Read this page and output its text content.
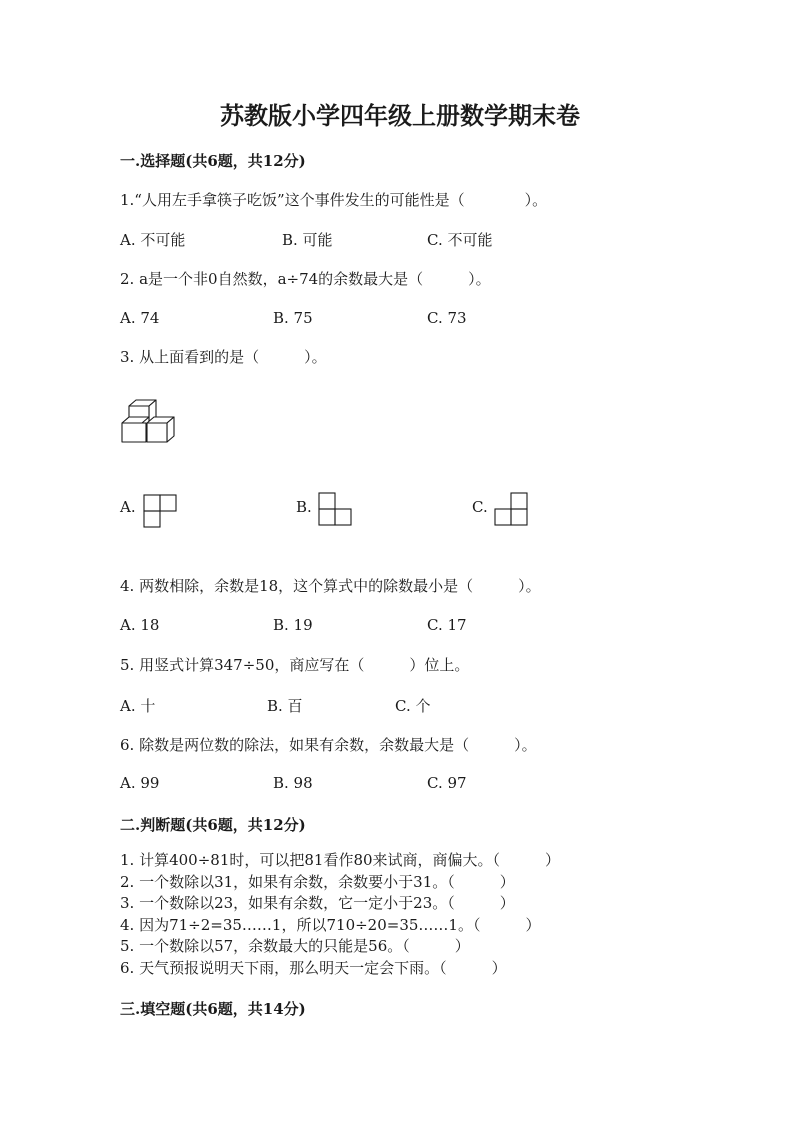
苏教版小学四年级上册数学期末卷
一.选择题(共6题，共12分)
1.“人用左手拿筷子吃饭”这个事件发生的可能性是（　　　　）。
A. 不可能	B. 可能	C. 不可能
2. a是一个非0自然数，a÷74的余数最大是（　　　）。
A. 74	B. 75	C. 73
3. 从上面看到的是（　　　）。
A.	B.	C.
4. 两数相除，余数是18，这个算式中的除数最小是（　　　）。
A. 18	B. 19	C. 17
5. 用竖式计算347÷50，商应写在（　　　）位上。
A. 十	B. 百	C. 个
6. 除数是两位数的除法，如果有余数，余数最大是（　　　）。
A. 99	B. 98	C. 97
二.判断题(共6题，共12分)
1. 计算400÷81时，可以把81看作80来试商，商偏大。（　　　）
2. 一个数除以31，如果有余数，余数要小于31。（　　　）
3. 一个数除以23，如果有余数，它一定小于23。（　　　）
4. 因为71÷2=35……1，所以710÷20=35……1。（　　　）
5. 一个数除以57，余数最大的只能是56。（　　　）
6. 天气预报说明天下雨，那么明天一定会下雨。（　　　）
三.填空题(共6题，共14分)
